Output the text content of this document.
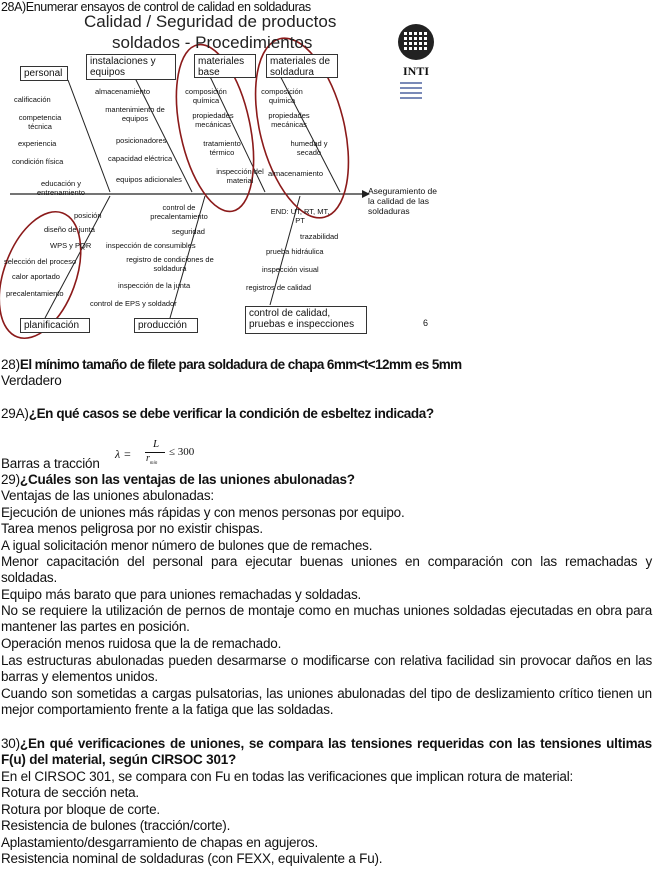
28A)Enumerar ensayos de control de calidad en soldaduras
Calidad / Seguridad de productos
soldados - Procedimientos
INTI
personal
instalaciones y equipos
materiales base
materiales de soldadura
planificación	producción
control de calidad, pruebas e inspecciones
calificación
competencia técnica
experiencia
condición física
educación y entrenamiento
almacenamiento
mantenimiento de equipos
posicionadores
capacidad eléctrica
equipos adicionales
composición química
propiedades mecánicas
tratamiento térmico
inspección del material
composición química
propiedades mecánicas
humedad y secado
almacenamiento
Aseguramiento de
la calidad de las
soldaduras
posición
diseño de junta
WPS y PQR
selección del proceso
calor aportado
precalentamiento
control de precalentamiento
seguridad
inspección de consumibles
registro de condiciones de soldadura
inspección de la junta
control de EPS y soldador
END: UT, RT, MT, PT
trazabilidad
prueba hidráulica
inspección visual
registros de calidad
6
28)El mínimo tamaño de filete para soldadura de chapa 6mm<t<12mm es 5mm
Verdadero
29A)¿En qué casos se debe verificar la condición de esbeltez indicada?
λ =
L
$r_{mín}$
≤ 300
Barras a tracción
29)¿Cuáles son las ventajas de las uniones abulonadas?
Ventajas de las uniones abulonadas:
Ejecución de uniones más rápidas y con menos personas por equipo.
Tarea menos peligrosa por no existir chispas.
A igual solicitación menor número de bulones que de remaches.
Menor capacitación del personal para ejecutar buenas uniones en comparación con las remachadas y soldadas.
Equipo más barato que para uniones remachadas y soldadas.
No se requiere la utilización de pernos de montaje como en muchas uniones soldadas ejecutadas en obra para mantener las partes en posición.
Operación menos ruidosa que la de remachado.
Las estructuras abulonadas pueden desarmarse o modificarse con relativa facilidad sin provocar daños en las barras y elementos unidos.
Cuando son sometidas a cargas pulsatorias, las uniones abulonadas del tipo de deslizamiento crítico tienen un mejor comportamiento frente a la fatiga que las soldadas.
30)¿En qué verificaciones de uniones, se compara las tensiones requeridas con las tensiones ultimas F(u) del material, según CIRSOC 301?
En el CIRSOC 301, se compara con Fu en todas las verificaciones que implican rotura de material:
Rotura de sección neta.
Rotura por bloque de corte.
Resistencia de bulones (tracción/corte).
Aplastamiento/desgarramiento de chapas en agujeros.
Resistencia nominal de soldaduras (con FEXX, equivalente a Fu).
